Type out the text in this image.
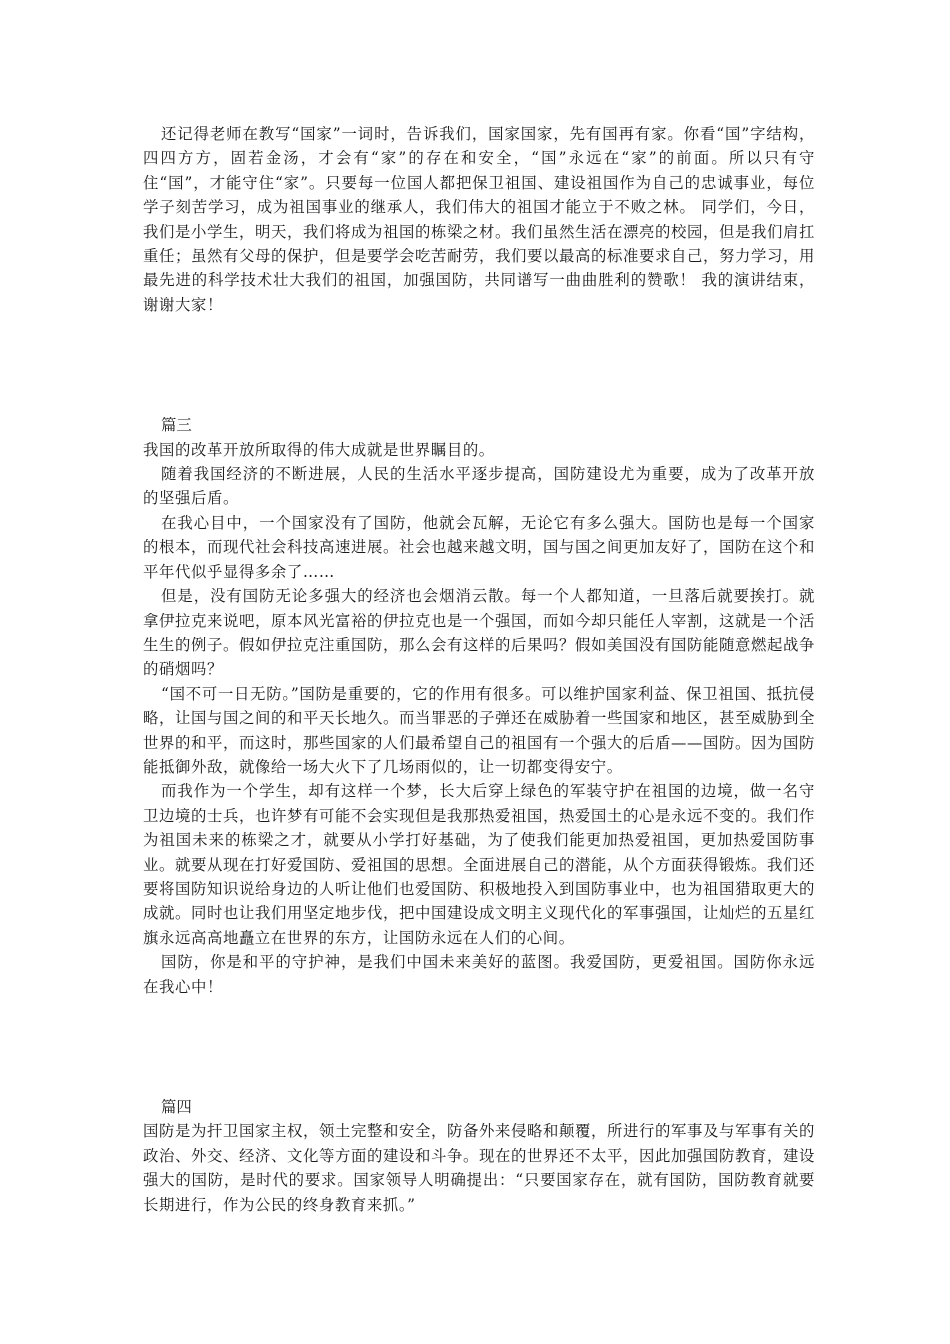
还记得老师在教写“国家”一词时，告诉我们，国家国家，先有国再有家。你看“国”字结构，四四方方，固若金汤，才会有“家”的存在和安全，“国”永远在“家”的前面。所以只有守住“国”，才能守住“家”。只要每一位国人都把保卫祖国、建设祖国作为自己的忠诚事业，每位学子刻苦学习，成为祖国事业的继承人，我们伟大的祖国才能立于不败之林。 同学们，今日，我们是小学生，明天，我们将成为祖国的栋梁之材。我们虽然生活在漂亮的校园，但是我们肩扛重任；虽然有父母的保护，但是要学会吃苦耐劳，我们要以最高的标准要求自己，努力学习，用最先进的科学技术壮大我们的祖国，加强国防，共同谱写一曲曲胜利的赞歌！ 我的演讲结束，谢谢大家！

篇三

我国的改革开放所取得的伟大成就是世界瞩目的。

随着我国经济的不断进展，人民的生活水平逐步提高，国防建设尤为重要，成为了改革开放的坚强后盾。

在我心目中，一个国家没有了国防，他就会瓦解，无论它有多么强大。国防也是每一个国家的根本，而现代社会科技高速进展。社会也越来越文明，国与国之间更加友好了，国防在这个和平年代似乎显得多余了……

但是，没有国防无论多强大的经济也会烟消云散。每一个人都知道，一旦落后就要挨打。就拿伊拉克来说吧，原本风光富裕的伊拉克也是一个强国，而如今却只能任人宰割，这就是一个活生生的例子。假如伊拉克注重国防，那么会有这样的后果吗？假如美国没有国防能随意燃起战争的硝烟吗？

“国不可一日无防。”国防是重要的，它的作用有很多。可以维护国家利益、保卫祖国、抵抗侵略，让国与国之间的和平天长地久。而当罪恶的子弹还在威胁着一些国家和地区，甚至威胁到全世界的和平，而这时，那些国家的人们最希望自己的祖国有一个强大的后盾——国防。因为国防能抵御外敌，就像给一场大火下了几场雨似的，让一切都变得安宁。

而我作为一个学生，却有这样一个梦，长大后穿上绿色的军装守护在祖国的边境，做一名守卫边境的士兵，也许梦有可能不会实现但是我那热爱祖国，热爱国土的心是永远不变的。我们作为祖国未来的栋梁之才，就要从小学打好基础，为了使我们能更加热爱祖国，更加热爱国防事业。就要从现在打好爱国防、爱祖国的思想。全面进展自己的潜能，从个方面获得锻炼。我们还要将国防知识说给身边的人听让他们也爱国防、积极地投入到国防事业中，也为祖国猎取更大的成就。同时也让我们用坚定地步伐，把中国建设成文明主义现代化的军事强国，让灿烂的五星红旗永远高高地矗立在世界的东方，让国防永远在人们的心间。

国防，你是和平的守护神，是我们中国未来美好的蓝图。我爱国防，更爱祖国。国防你永远在我心中！

篇四

国防是为扞卫国家主权，领土完整和安全，防备外来侵略和颠覆，所进行的军事及与军事有关的政治、外交、经济、文化等方面的建设和斗争。现在的世界还不太平，因此加强国防教育，建设强大的国防，是时代的要求。国家领导人明确提出：“只要国家存在，就有国防，国防教育就要长期进行，作为公民的终身教育来抓。”
